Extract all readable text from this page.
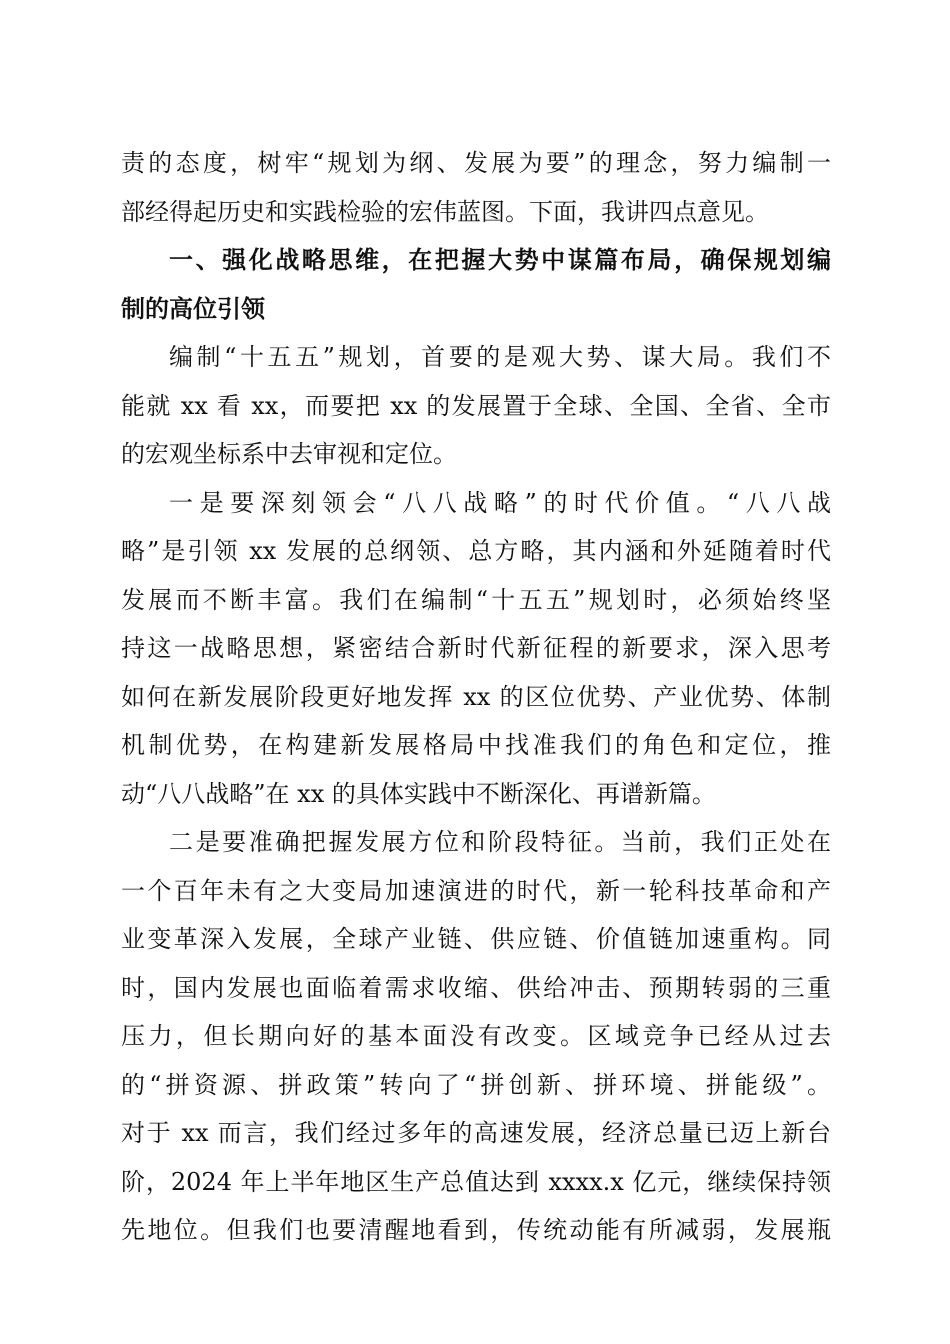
责的态度，树牢“规划为纲、发展为要”的理念，努力编制一
部经得起历史和实践检验的宏伟蓝图。下面，我讲四点意见。
一、强化战略思维，在把握大势中谋篇布局，确保规划编
制的高位引领
编制“十五五”规划，首要的是观大势、谋大局。我们不
能就 xx 看 xx，而要把 xx 的发展置于全球、全国、全省、全市
的宏观坐标系中去审视和定位。
一是要深刻领会“八八战略”的时代价值。“八八战
略”是引领 xx 发展的总纲领、总方略，其内涵和外延随着时代
发展而不断丰富。我们在编制“十五五”规划时，必须始终坚
持这一战略思想，紧密结合新时代新征程的新要求，深入思考
如何在新发展阶段更好地发挥 xx 的区位优势、产业优势、体制
机制优势，在构建新发展格局中找准我们的角色和定位，推
动“八八战略”在 xx 的具体实践中不断深化、再谱新篇。
二是要准确把握发展方位和阶段特征。当前，我们正处在
一个百年未有之大变局加速演进的时代，新一轮科技革命和产
业变革深入发展，全球产业链、供应链、价值链加速重构。同
时，国内发展也面临着需求收缩、供给冲击、预期转弱的三重
压力，但长期向好的基本面没有改变。区域竞争已经从过去
的“拼资源、拼政策”转向了“拼创新、拼环境、拼能级”。
对于 xx 而言，我们经过多年的高速发展，经济总量已迈上新台
阶，2024 年上半年地区生产总值达到 xxxx.x 亿元，继续保持领
先地位。但我们也要清醒地看到，传统动能有所减弱，发展瓶
